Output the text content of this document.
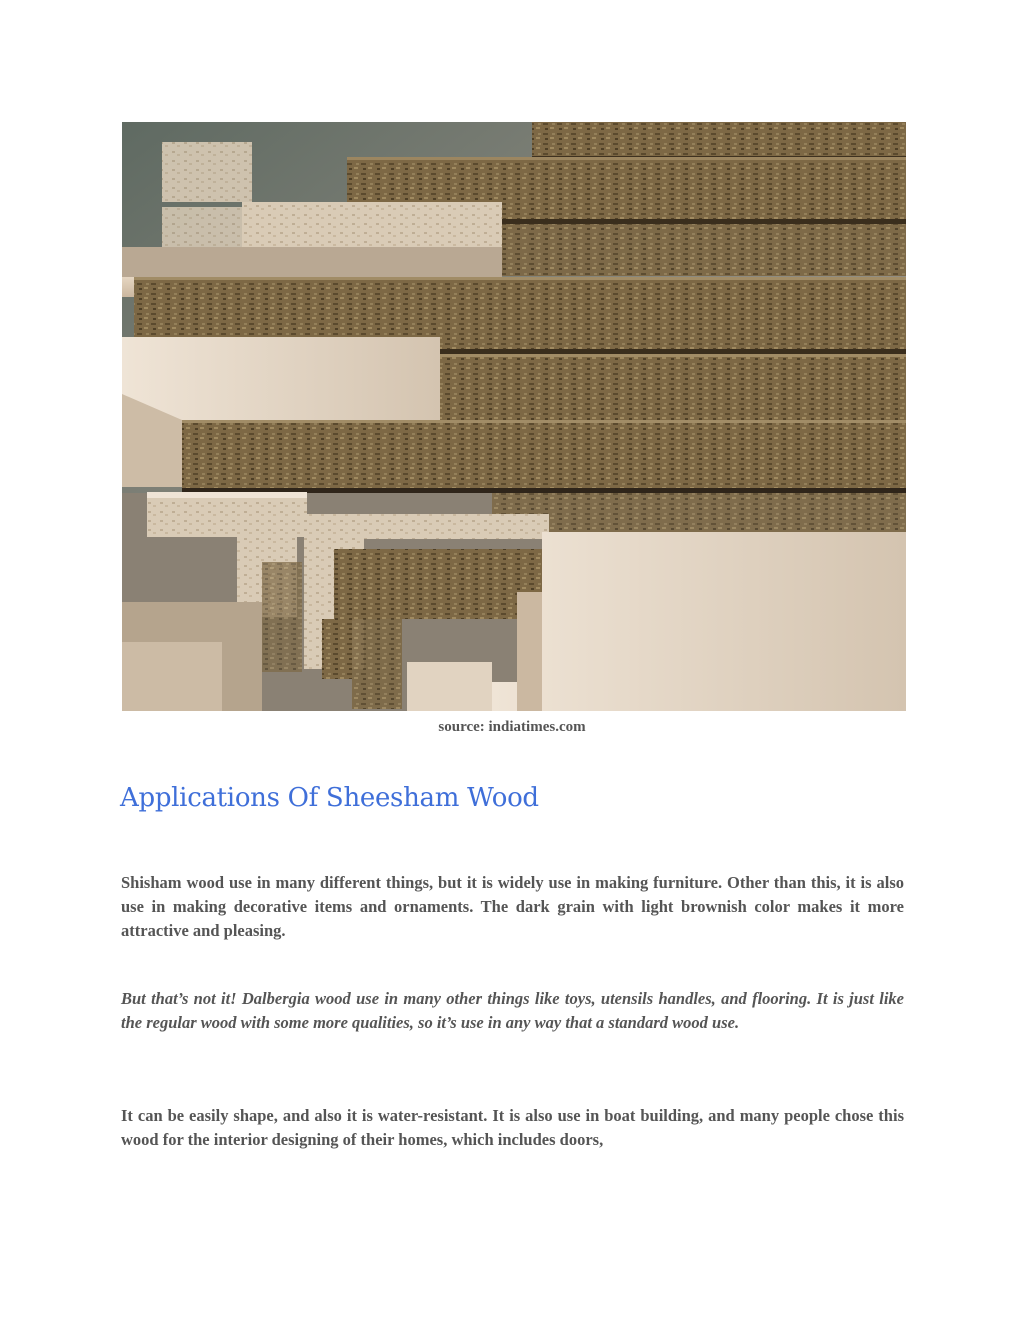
source: indiatimes.com
Applications Of Sheesham Wood

Shisham wood use in many different things, but it is widely use in making furniture. Other than this, it is also use in making decorative items and ornaments. The dark grain with light brownish color makes it more attractive and pleasing.

But that’s not it! Dalbergia wood use in many other things like toys, utensils handles, and flooring. It is just like the regular wood with some more qualities, so it’s use in any way that a standard wood use.

It can be easily shape, and also it is water-resistant. It is also use in boat building, and many people chose this wood for the interior designing of their homes, which includes doors,
